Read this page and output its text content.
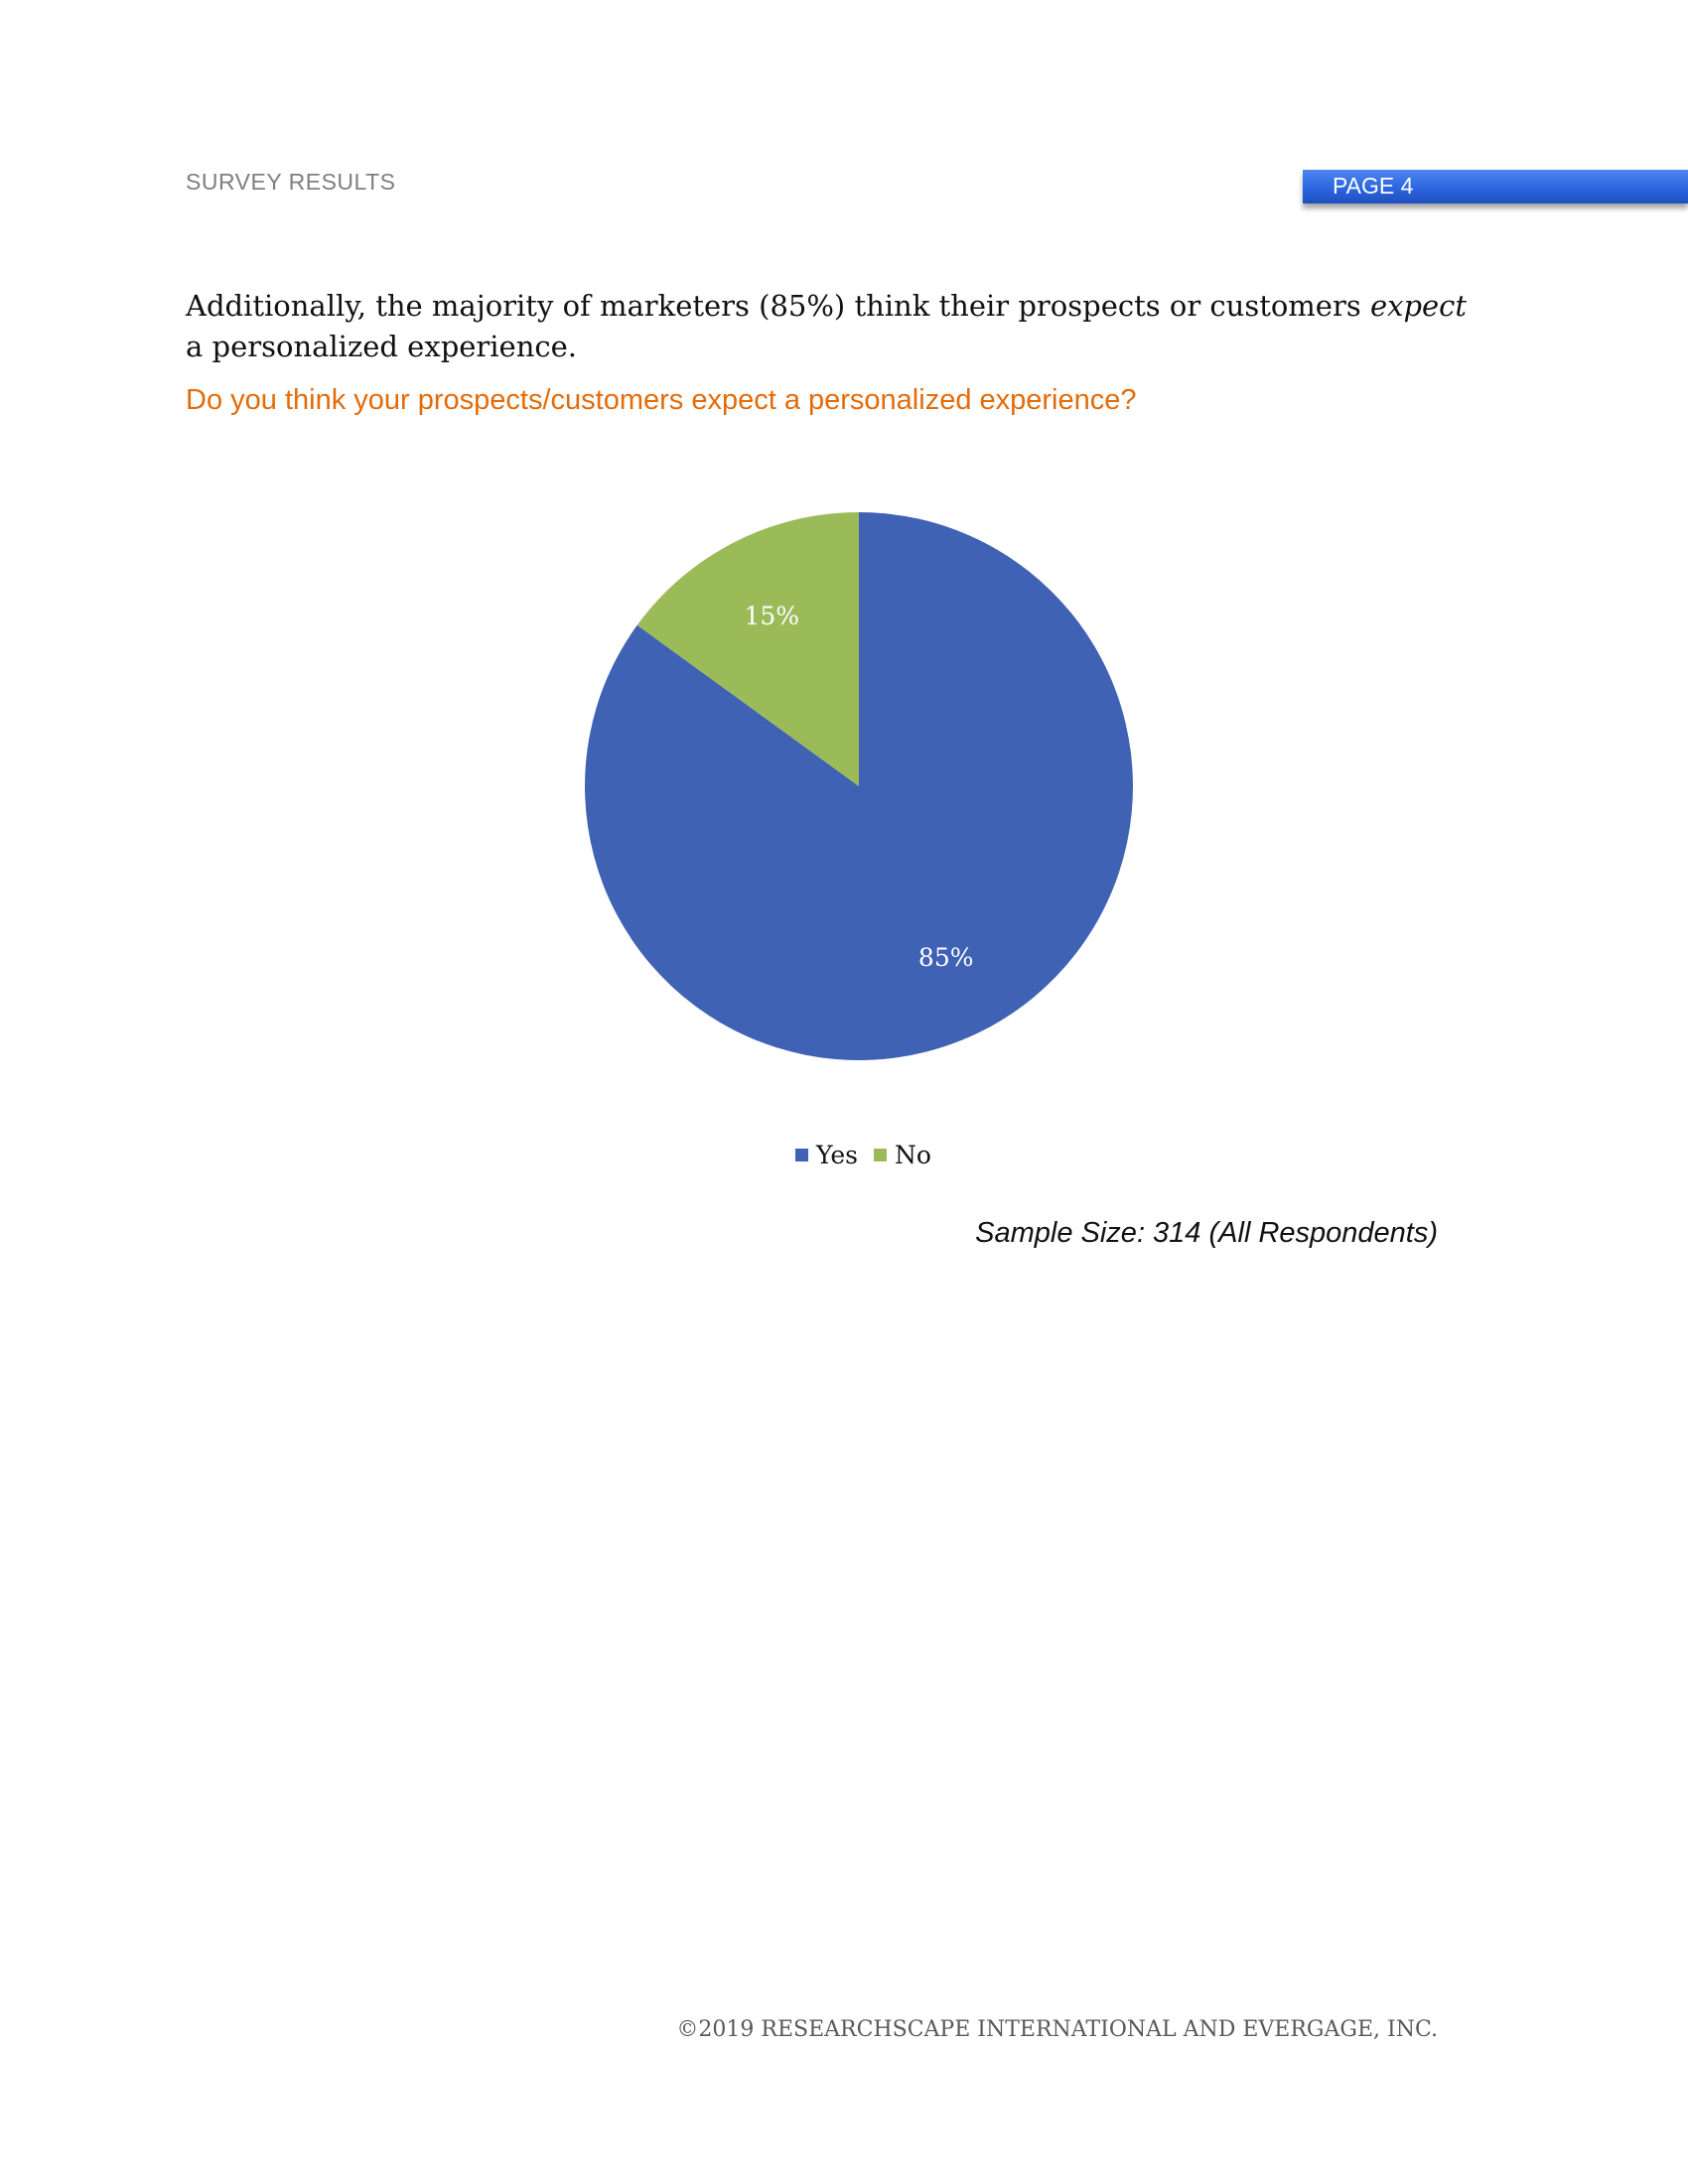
SURVEY RESULTS	PAGE 4
Additionally, the majority of marketers (85%) think their prospects or customers expect a personalized experience.
Do you think your prospects/customers expect a personalized experience?
85%
15%
Yes No
Sample Size: 314 (All Respondents)
©2019 RESEARCHSCAPE INTERNATIONAL AND EVERGAGE, INC.
